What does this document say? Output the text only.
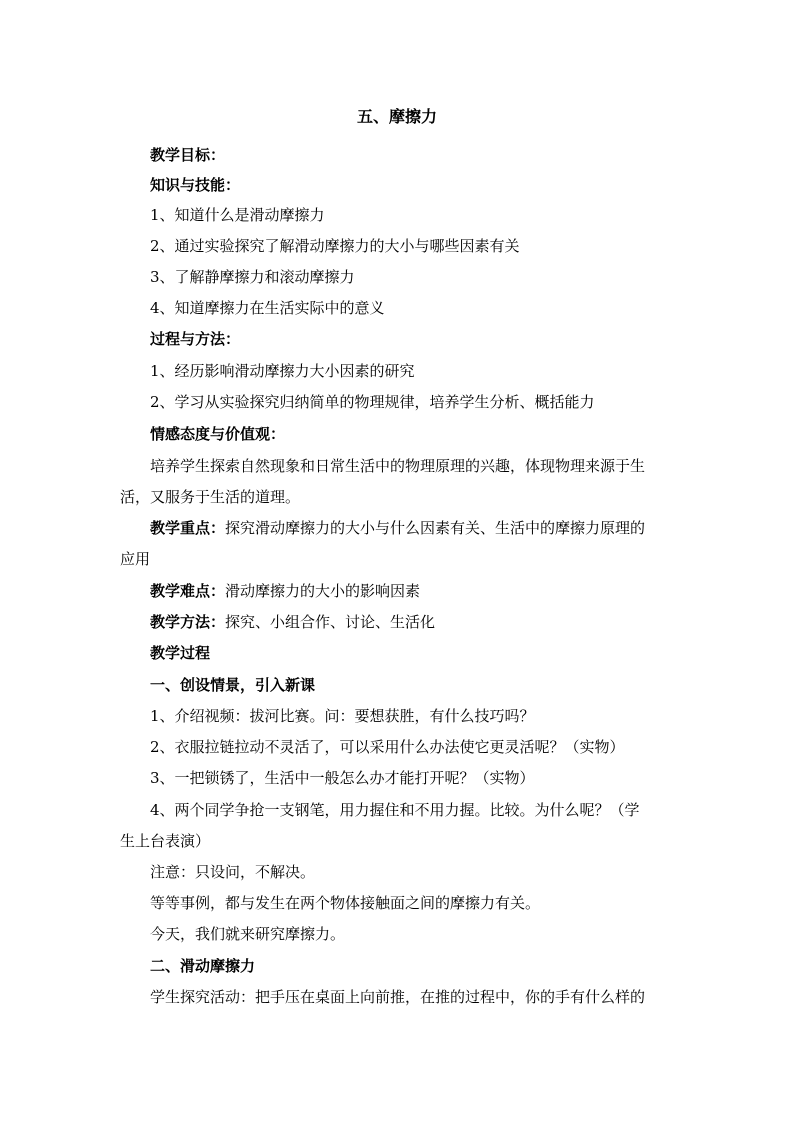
五、摩擦力
教学目标：
知识与技能：
1、知道什么是滑动摩擦力
2、通过实验探究了解滑动摩擦力的大小与哪些因素有关
3、了解静摩擦力和滚动摩擦力
4、知道摩擦力在生活实际中的意义
过程与方法：
1、经历影响滑动摩擦力大小因素的研究
2、学习从实验探究归纳简单的物理规律，培养学生分析、概括能力
情感态度与价值观：
培养学生探索自然现象和日常生活中的物理原理的兴趣，体现物理来源于生
活，又服务于生活的道理。
教学重点：探究滑动摩擦力的大小与什么因素有关、生活中的摩擦力原理的
应用
教学难点：滑动摩擦力的大小的影响因素
教学方法：探究、小组合作、讨论、生活化
教学过程
一、创设情景，引入新课
1、介绍视频：拔河比赛。问：要想获胜，有什么技巧吗？
2、衣服拉链拉动不灵活了，可以采用什么办法使它更灵活呢？（实物）
3、一把锁锈了，生活中一般怎么办才能打开呢？（实物）
4、两个同学争抢一支钢笔，用力握住和不用力握。比较。为什么呢？（学
生上台表演）
注意：只设问，不解决。
等等事例，都与发生在两个物体接触面之间的摩擦力有关。
今天，我们就来研究摩擦力。
二、滑动摩擦力
学生探究活动：把手压在桌面上向前推，在推的过程中，你的手有什么样的
